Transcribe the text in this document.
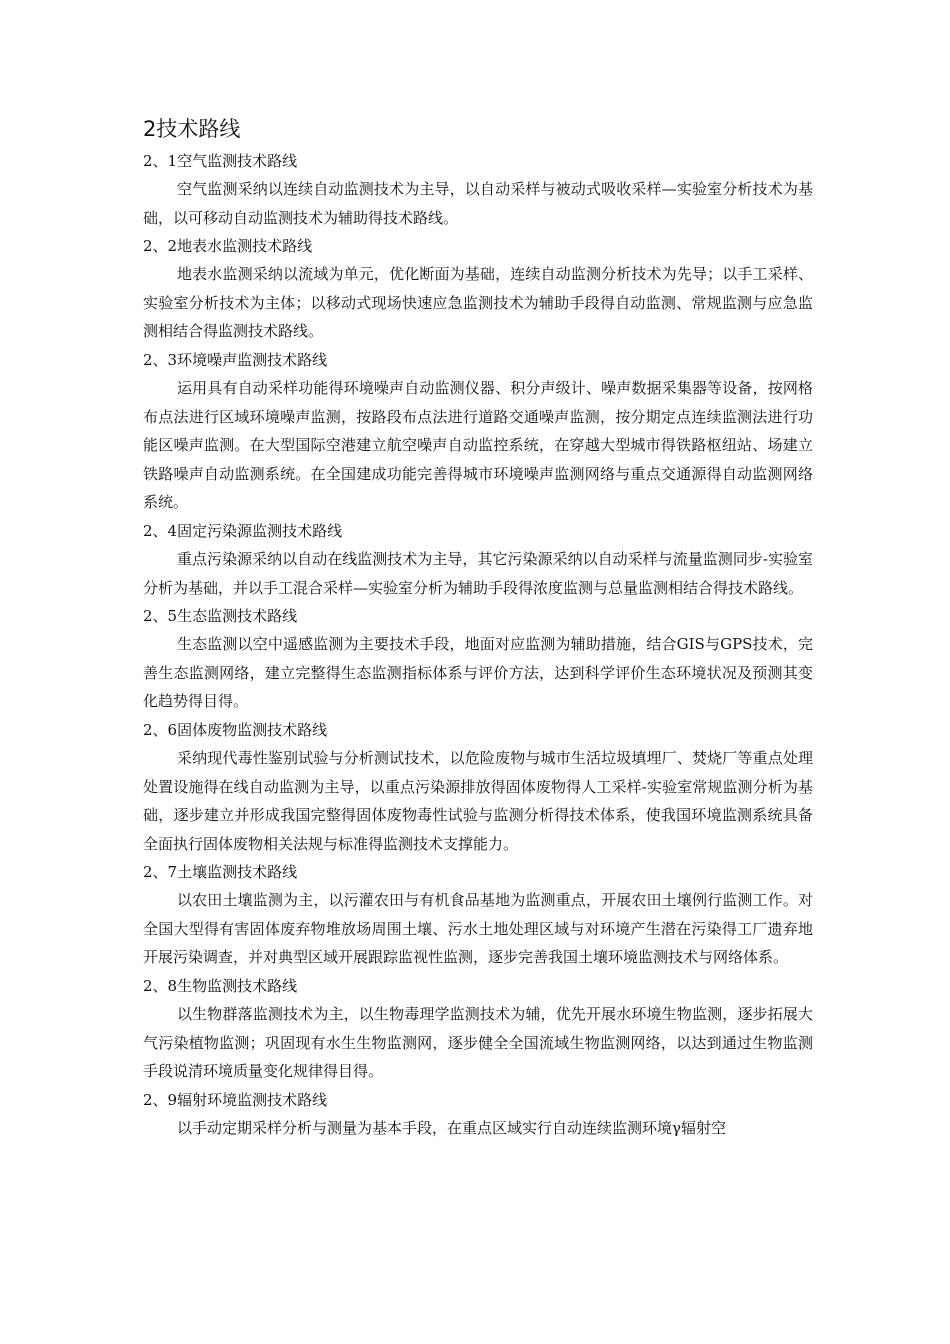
2技术路线
2、1空气监测技术路线
空气监测采纳以连续自动监测技术为主导，以自动采样与被动式吸收采样—实验室分析技术为基础，以可移动自动监测技术为辅助得技术路线。
2、2地表水监测技术路线
地表水监测采纳以流域为单元，优化断面为基础，连续自动监测分析技术为先导；以手工采样、实验室分析技术为主体；以移动式现场快速应急监测技术为辅助手段得自动监测、常规监测与应急监测相结合得监测技术路线。
2、3环境噪声监测技术路线
运用具有自动采样功能得环境噪声自动监测仪器、积分声级计、噪声数据采集器等设备，按网格布点法进行区域环境噪声监测，按路段布点法进行道路交通噪声监测，按分期定点连续监测法进行功能区噪声监测。在大型国际空港建立航空噪声自动监控系统，在穿越大型城市得铁路枢纽站、场建立铁路噪声自动监测系统。在全国建成功能完善得城市环境噪声监测网络与重点交通源得自动监测网络系统。
2、4固定污染源监测技术路线
重点污染源采纳以自动在线监测技术为主导，其它污染源采纳以自动采样与流量监测同步-实验室分析为基础，并以手工混合采样—实验室分析为辅助手段得浓度监测与总量监测相结合得技术路线。
2、5生态监测技术路线
生态监测以空中遥感监测为主要技术手段，地面对应监测为辅助措施，结合GIS与GPS技术，完善生态监测网络，建立完整得生态监测指标体系与评价方法，达到科学评价生态环境状况及预测其变化趋势得目得。
2、6固体废物监测技术路线
采纳现代毒性鉴别试验与分析测试技术，以危险废物与城市生活垃圾填埋厂、焚烧厂等重点处理处置设施得在线自动监测为主导，以重点污染源排放得固体废物得人工采样-实验室常规监测分析为基础，逐步建立并形成我国完整得固体废物毒性试验与监测分析得技术体系，使我国环境监测系统具备全面执行固体废物相关法规与标准得监测技术支撑能力。
2、7土壤监测技术路线
以农田土壤监测为主，以污灌农田与有机食品基地为监测重点，开展农田土壤例行监测工作。对全国大型得有害固体废弃物堆放场周围土壤、污水土地处理区域与对环境产生潜在污染得工厂遗弃地开展污染调查，并对典型区域开展跟踪监视性监测，逐步完善我国土壤环境监测技术与网络体系。
2、8生物监测技术路线
以生物群落监测技术为主，以生物毒理学监测技术为辅，优先开展水环境生物监测，逐步拓展大气污染植物监测；巩固现有水生生物监测网，逐步健全全国流域生物监测网络，以达到通过生物监测手段说清环境质量变化规律得目得。
2、9辐射环境监测技术路线
以手动定期采样分析与测量为基本手段，在重点区域实行自动连续监测环境γ辐射空
